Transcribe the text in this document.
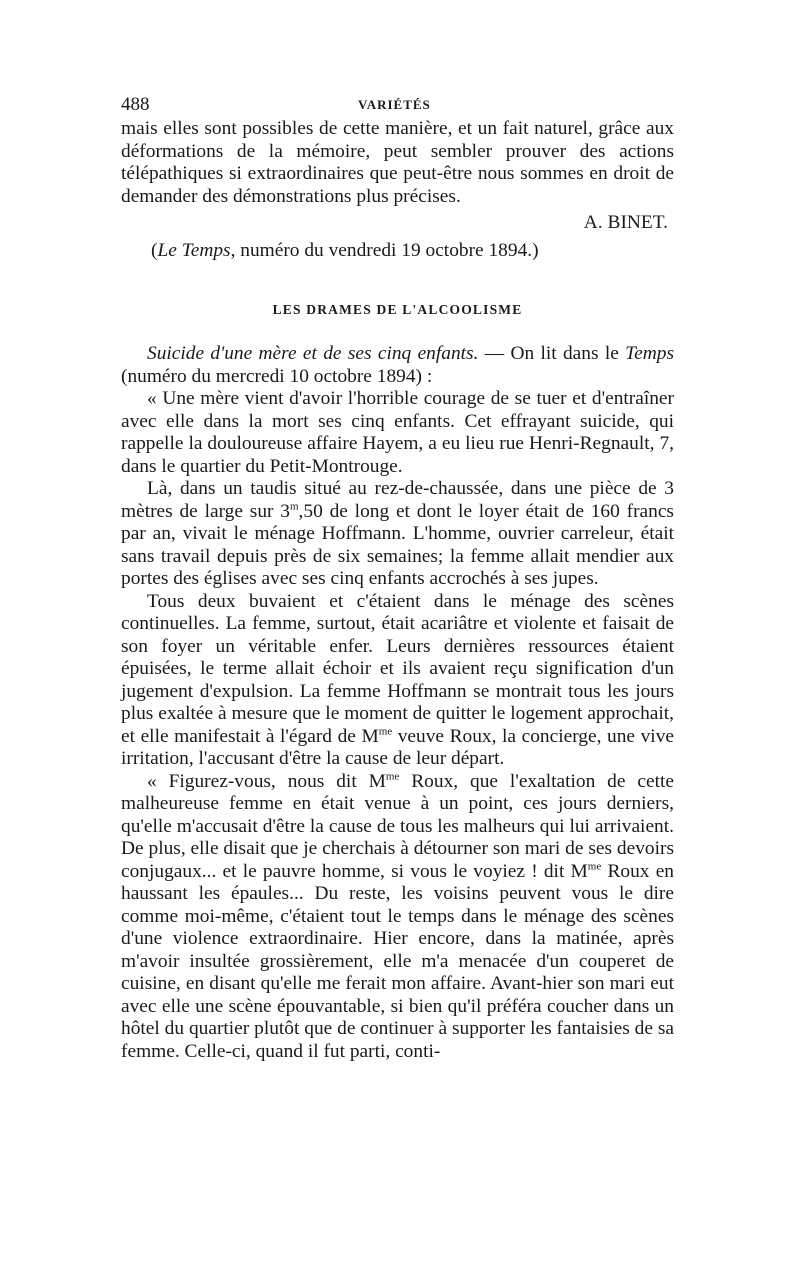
488	VARIÉTÉS

mais elles sont possibles de cette manière, et un fait naturel, grâce aux déformations de la mémoire, peut sembler prouver des actions télépathiques si extraordinaires que peut-être nous sommes en droit de demander des démonstrations plus précises.

A. BINET.

(Le Temps, numéro du vendredi 19 octobre 1894.)

LES DRAMES DE L'ALCOOLISME

Suicide d'une mère et de ses cinq enfants. — On lit dans le Temps (numéro du mercredi 10 octobre 1894) :

« Une mère vient d'avoir l'horrible courage de se tuer et d'entraîner avec elle dans la mort ses cinq enfants. Cet effrayant suicide, qui rappelle la douloureuse affaire Hayem, a eu lieu rue Henri-Regnault, 7, dans le quartier du Petit-Montrouge.

Là, dans un taudis situé au rez-de-chaussée, dans une pièce de 3 mètres de large sur 3$^m$,50 de long et dont le loyer était de 160 francs par an, vivait le ménage Hoffmann. L'homme, ouvrier carreleur, était sans travail depuis près de six semaines; la femme allait mendier aux portes des églises avec ses cinq enfants accrochés à ses jupes.

Tous deux buvaient et c'étaient dans le ménage des scènes continuelles. La femme, surtout, était acariâtre et violente et faisait de son foyer un véritable enfer. Leurs dernières ressources étaient épuisées, le terme allait échoir et ils avaient reçu signification d'un jugement d'expulsion. La femme Hoffmann se montrait tous les jours plus exaltée à mesure que le moment de quitter le logement approchait, et elle manifestait à l'égard de $M^{me}$ veuve Roux, la concierge, une vive irritation, l'accusant d'être la cause de leur départ.

« Figurez-vous, nous dit $M^{me}$ Roux, que l'exaltation de cette malheureuse femme en était venue à un point, ces jours derniers, qu'elle m'accusait d'être la cause de tous les malheurs qui lui arrivaient. De plus, elle disait que je cherchais à détourner son mari de ses devoirs conjugaux... et le pauvre homme, si vous le voyiez ! dit $M^{me}$ Roux en haussant les épaules... Du reste, les voisins peuvent vous le dire comme moi-même, c'étaient tout le temps dans le ménage des scènes d'une violence extraordinaire. Hier encore, dans la matinée, après m'avoir insultée grossièrement, elle m'a menacée d'un couperet de cuisine, en disant qu'elle me ferait mon affaire. Avant-hier son mari eut avec elle une scène épouvantable, si bien qu'il préféra coucher dans un hôtel du quartier plutôt que de continuer à supporter les fantaisies de sa femme. Celle-ci, quand il fut parti, conti-
